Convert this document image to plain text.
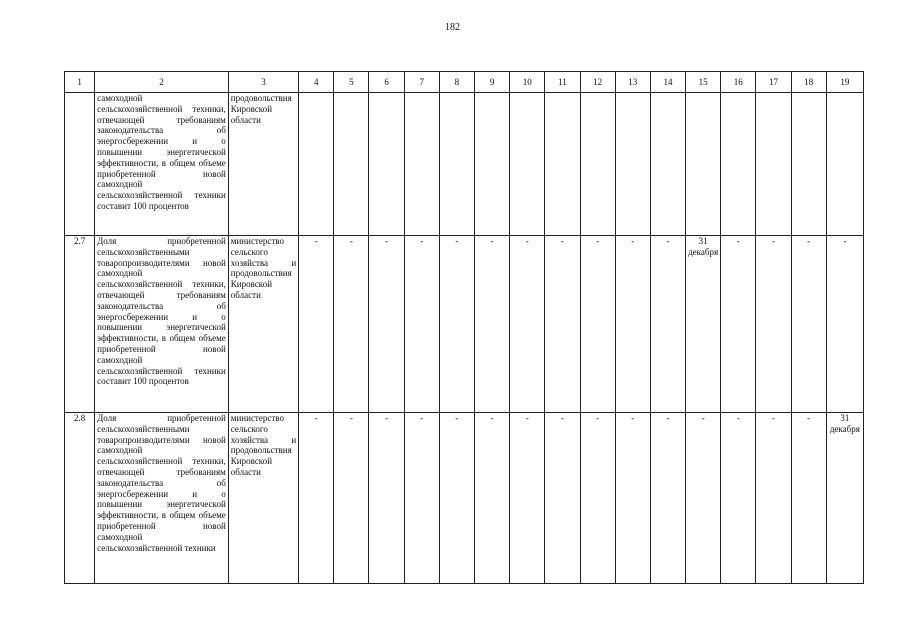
182
1	2	3	4	5	6	7	8	9	10	11	12	13	14	15	16	17	18	19
	самоходной сельскохозяйственной техники, отвечающей требованиям законодательства об энергосбережении и о повышении энергетической эффективности, в общем объеме приобретенной новой самоходной сельскохозяйственной техники составит 100 процентов	продовольствия Кировской области																
2.7	Доля приобретенной сельскохозяйственными товаропроизводителями новой самоходной сельскохозяйственной техники, отвечающей требованиям законодательства об энергосбережении и о повышении энергетической эффективности, в общем объеме приобретенной новой самоходной сельскохозяйственной техники составит 100 процентов	министерство сельского хозяйства и продовольствия Кировской области	-	-	-	-	-	-	-	-	-	-	-	31 декабря	-	-	-	-
2.8	Доля приобретенной сельскохозяйственными товаропроизводителями новой самоходной сельскохозяйственной техники, отвечающей требованиям законодательства об энергосбережении и о повышении энергетической эффективности, в общем объеме приобретенной новой самоходной сельскохозяйственной техники	министерство сельского хозяйства и продовольствия Кировской области	-	-	-	-	-	-	-	-	-	-	-	-	-	-	-	31 декабря
